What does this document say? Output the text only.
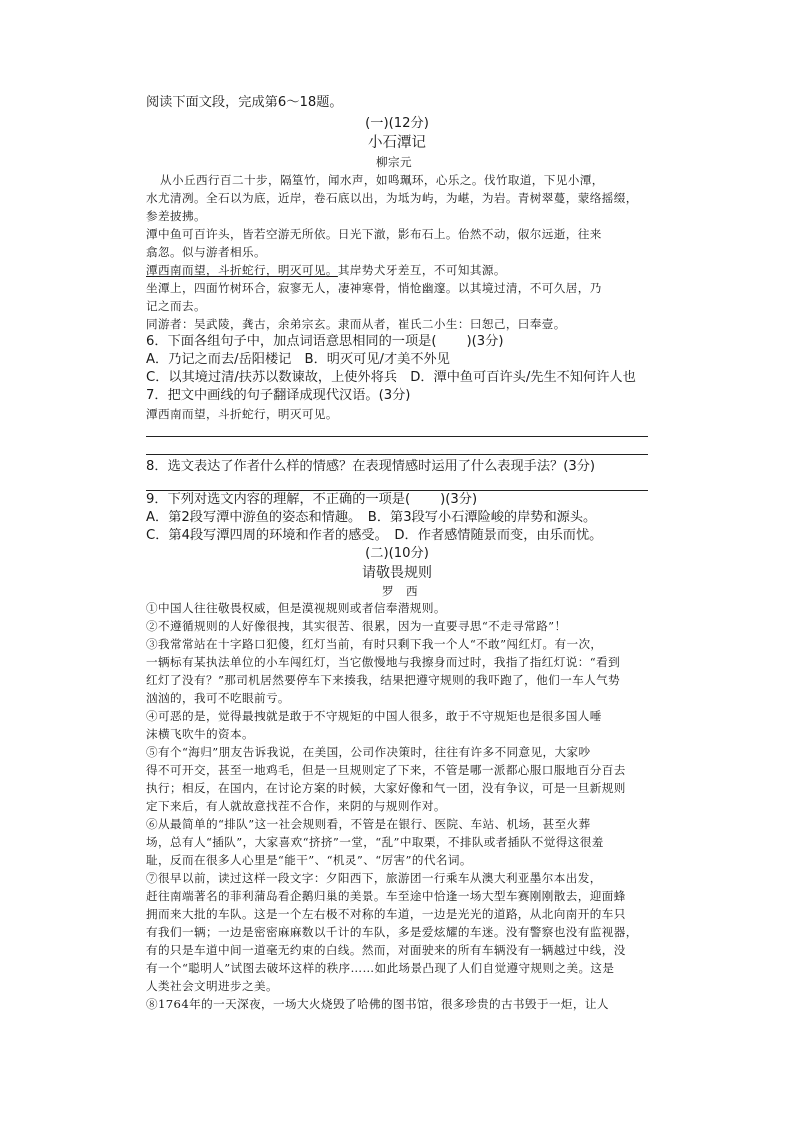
阅读下面文段，完成第6～18题。
(一)(12分)
小石潭记
柳宗元
从小丘西行百二十步，隔篁竹，闻水声，如鸣珮环，心乐之。伐竹取道，下见小潭，
水尤清冽。全石以为底，近岸，卷石底以出，为坻为屿，为嵁，为岩。青树翠蔓，蒙络摇缀，
参差披拂。
潭中鱼可百许头，皆若空游无所依。日光下澈，影布石上。佁然不动，俶尔远逝，往来
翕忽。似与游者相乐。
潭西南而望，斗折蛇行，明灭可见。其岸势犬牙差互，不可知其源。
坐潭上，四面竹树环合，寂寥无人，凄神寒骨，悄怆幽邃。以其境过清，不可久居，乃
记之而去。
同游者：吴武陵，龚古，余弟宗玄。隶而从者，崔氏二小生：曰恕己，曰奉壹。
6．下面各组句子中，加点词语意思相同的一项是( )(3分)
A．乃记之而去/岳阳楼记　B．明灭可见/才美不外见
C．以其境过清/扶苏以数谏故，上使外将兵　D．潭中鱼可百许头/先生不知何许人也
7．把文中画线的句子翻译成现代汉语。(3分)
潭西南而望，斗折蛇行，明灭可见。
8．选文表达了作者什么样的情感？在表现情感时运用了什么表现手法？(3分)
9．下列对选文内容的理解，不正确的一项是( )(3分)
A．第2段写潭中游鱼的姿态和情趣。　B．第3段写小石潭险峻的岸势和源头。
C．第4段写潭四周的环境和作者的感受。　D．作者感情随景而变，由乐而忧。
(二)(10分)
请敬畏规则
罗　西
①中国人往往敬畏权威，但是漠视规则或者信奉潜规则。
②不遵循规则的人好像很拽，其实很苦、很累，因为一直要寻思“不走寻常路”！
③我常常站在十字路口犯傻，红灯当前，有时只剩下我一个人“不敢”闯红灯。有一次，
一辆标有某执法单位的小车闯红灯，当它傲慢地与我擦身而过时，我指了指红灯说：“看到
红灯了没有？”那司机居然要停车下来揍我，结果把遵守规则的我吓跑了，他们一车人气势
汹汹的，我可不吃眼前亏。
④可恶的是，觉得最拽就是敢于不守规矩的中国人很多，敢于不守规矩也是很多国人唾
沫横飞吹牛的资本。
⑤有个“海归”朋友告诉我说，在美国，公司作决策时，往往有许多不同意见，大家吵
得不可开交，甚至一地鸡毛，但是一旦规则定了下来，不管是哪一派都心服口服地百分百去
执行；相反，在国内，在讨论方案的时候，大家好像和气一团，没有争议，可是一旦新规则
定下来后，有人就故意找茬不合作，来阴的与规则作对。
⑥从最简单的“排队”这一社会规则看，不管是在银行、医院、车站、机场，甚至火葬
场，总有人“插队”，大家喜欢“挤挤”一堂，“乱”中取栗，不排队或者插队不觉得这很羞
耻，反而在很多人心里是“能干”、“机灵”、“厉害”的代名词。
⑦很早以前，读过这样一段文字：夕阳西下，旅游团一行乘车从澳大利亚墨尔本出发，
赶往南端著名的菲利蒲岛看企鹅归巢的美景。车至途中恰逢一场大型车赛刚刚散去，迎面蜂
拥而来大批的车队。这是一个左右极不对称的车道，一边是光光的道路，从北向南开的车只
有我们一辆；一边是密密麻麻数以千计的车队，多是爱炫耀的车迷。没有警察也没有监视器，
有的只是车道中间一道毫无约束的白线。然而，对面驶来的所有车辆没有一辆越过中线，没
有一个“聪明人”试图去破坏这样的秩序……如此场景凸现了人们自觉遵守规则之美。这是
人类社会文明进步之美。
⑧1764年的一天深夜，一场大火烧毁了哈佛的图书馆，很多珍贵的古书毁于一炬，让人
